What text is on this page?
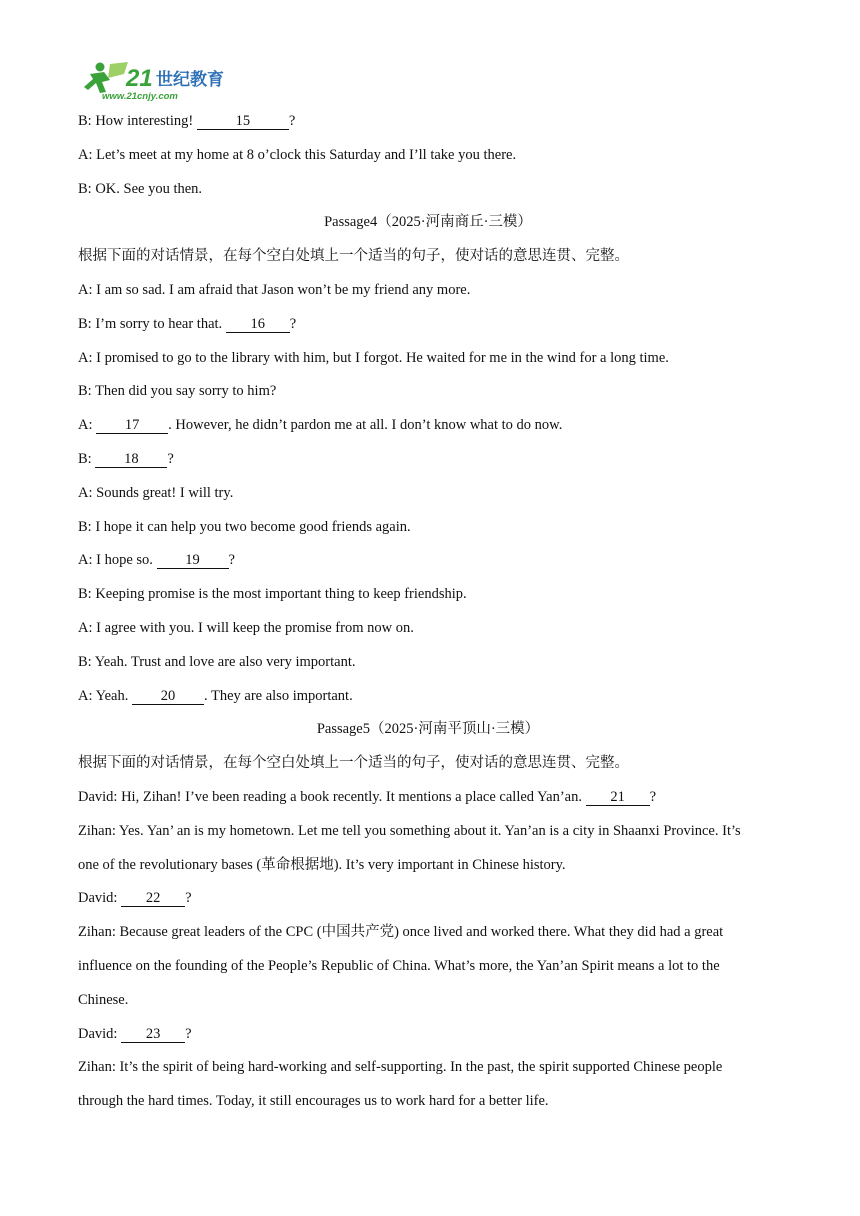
21 世纪教育
www.21cnjy.com
B: How interesting!	15	?
A: Let’s meet at my home at 8 o’clock this Saturday and I’ll take you there.
B: OK. See you then.
Passage4（2025·河南商丘·三模）
根据下面的对话情景，在每个空白处填上一个适当的句子，使对话的意思连贯、完整。
A: I am so sad. I am afraid that Jason won’t be my friend any more.
B: I’m sorry to hear that. 16 ?
A: I promised to go to the library with him, but I forgot. He waited for me in the wind for a long time.
B: Then did you say sorry to him?
A: 17 . However, he didn’t pardon me at all. I don’t know what to do now.
B: 18 ?
A: Sounds great! I will try.
B: I hope it can help you two become good friends again.
A: I hope so. 19 ?
B: Keeping promise is the most important thing to keep friendship.
A: I agree with you. I will keep the promise from now on.
B: Yeah. Trust and love are also very important.
A: Yeah. 20 . They are also important.
Passage5（2025·河南平顶山·三模）
根据下面的对话情景，在每个空白处填上一个适当的句子，使对话的意思连贯、完整。
David: Hi, Zihan! I’ve been reading a book recently. It mentions a place called Yan’an. 21 ?
Zihan: Yes. Yan’ an is my hometown. Let me tell you something about it. Yan’an is a city in Shaanxi Province. It’s
one of the revolutionary bases (革命根据地). It’s very important in Chinese history.
David: 22 ?
Zihan: Because great leaders of the CPC (中国共产党) once lived and worked there. What they did had a great
influence on the founding of the People’s Republic of China. What’s more, the Yan’an Spirit means a lot to the
Chinese.
David: 23 ?
Zihan: It’s the spirit of being hard-working and self-supporting. In the past, the spirit supported Chinese people
through the hard times. Today, it still encourages us to work hard for a better life.
